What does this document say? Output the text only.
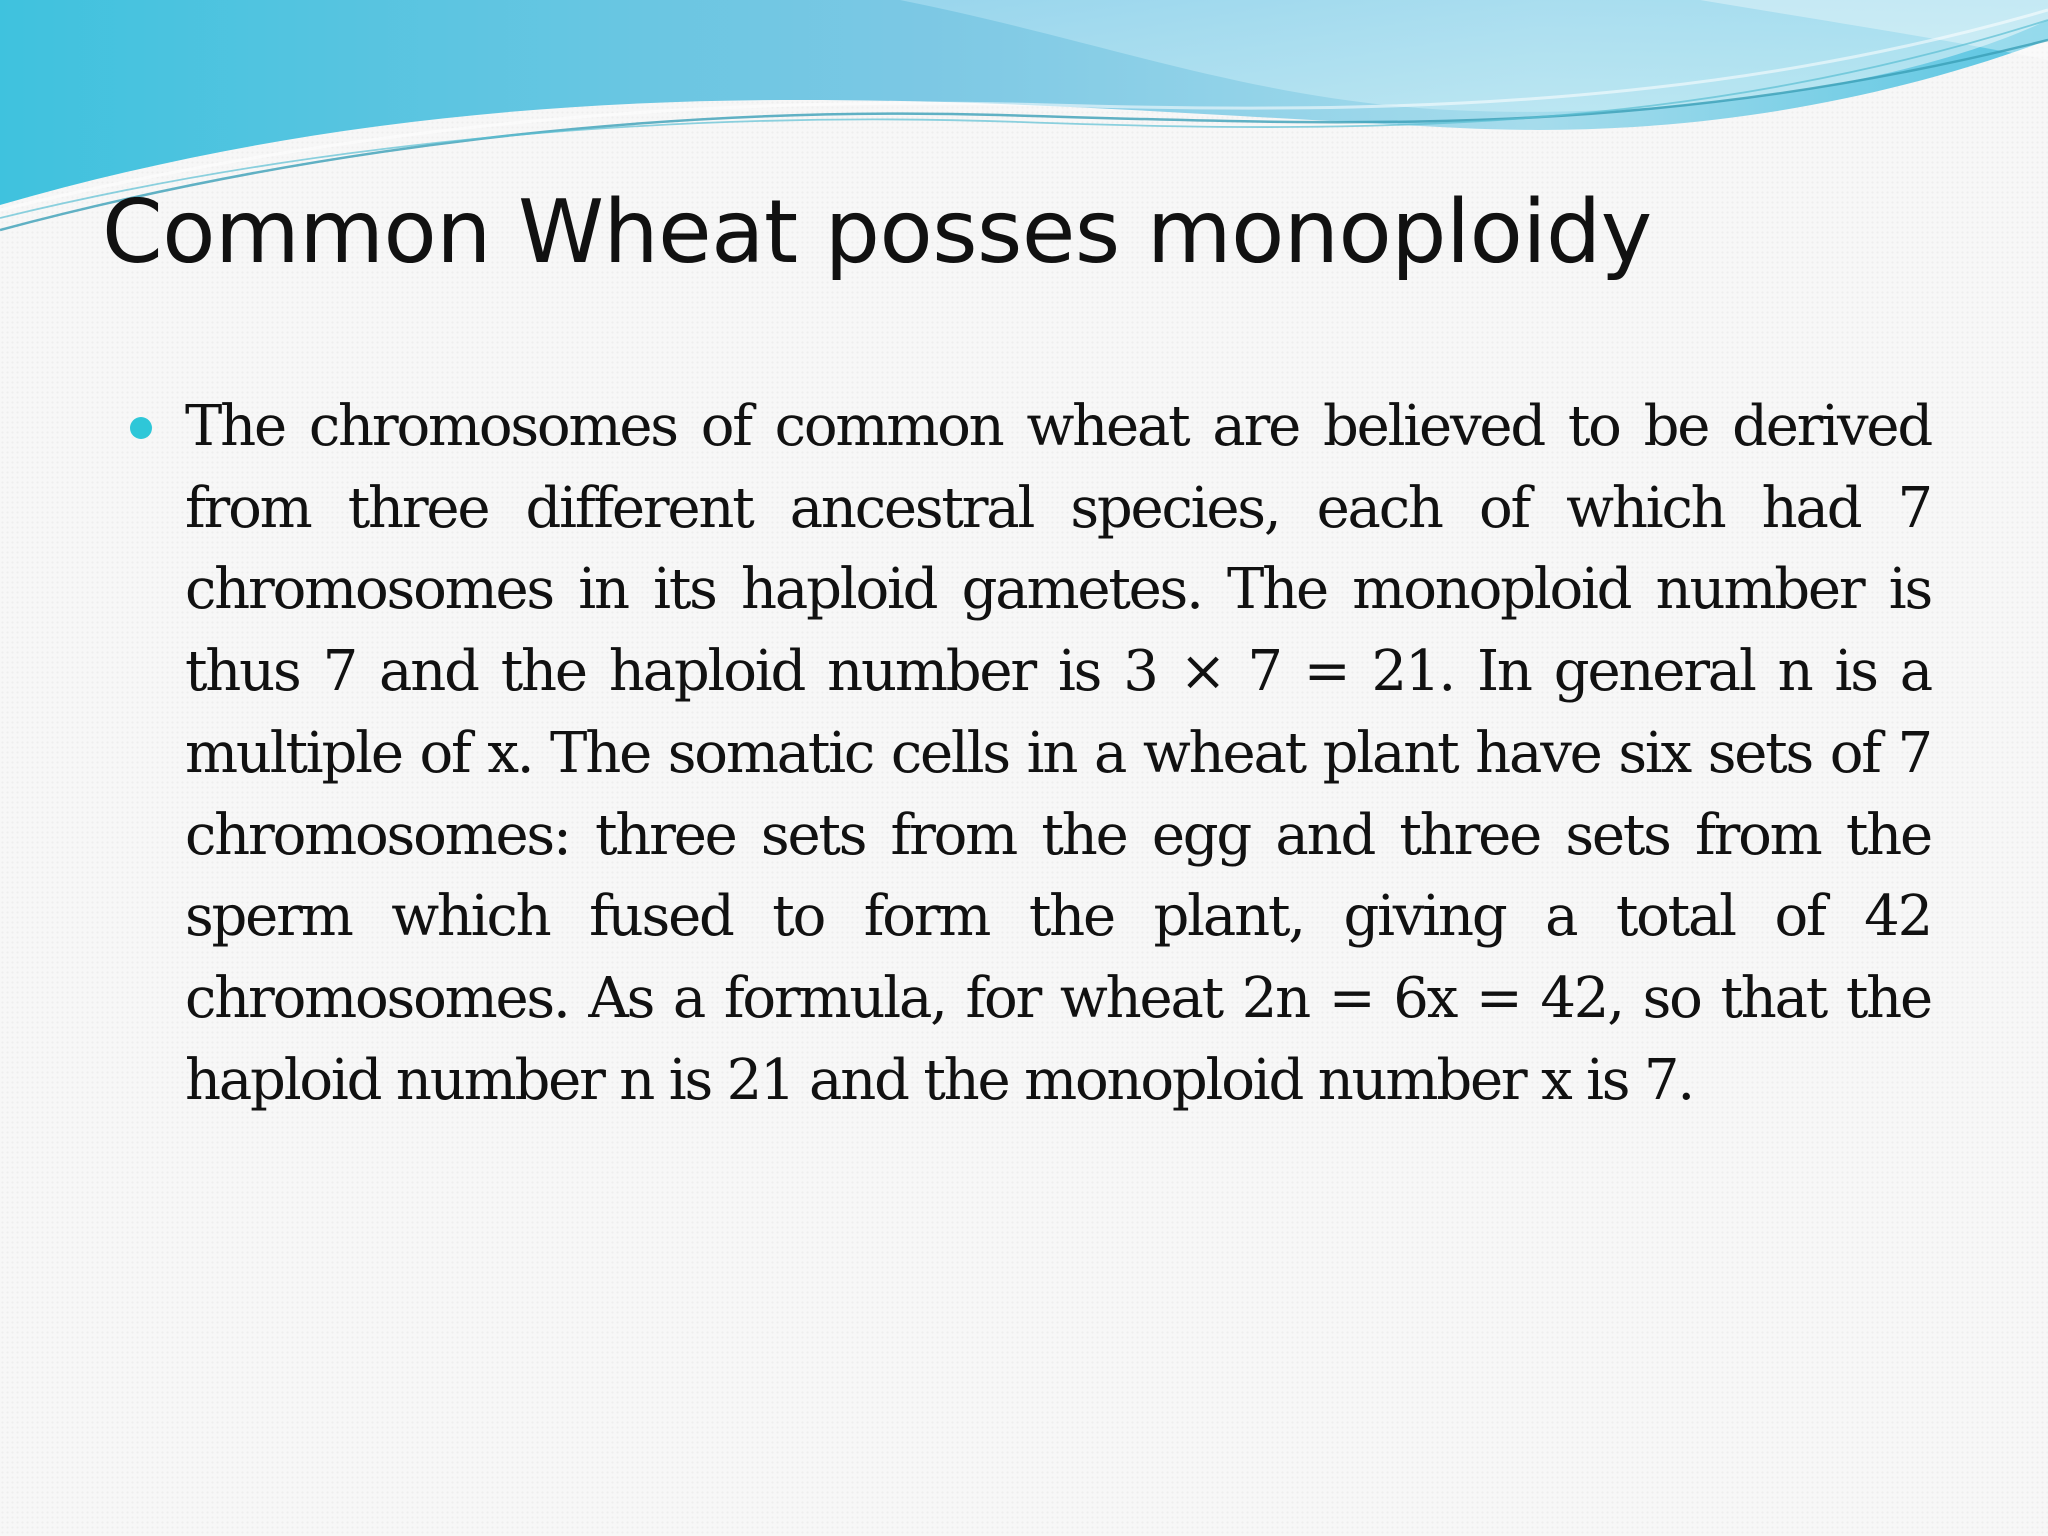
Common Wheat posses monoploidy
The chromosomes of common wheat are believed to be derived from three different ancestral species, each of which had 7 chromosomes in its haploid gametes. The monoploid number is thus 7 and the haploid number is 3 × 7 = 21. In general n is a multiple of x. The somatic cells in a wheat plant have six sets of 7 chromosomes: three sets from the egg and three sets from the sperm which fused to form the plant, giving a total of 42 chromosomes. As a formula, for wheat 2n = 6x = 42, so that the haploid number n is 21 and the monoploid number x is 7.
